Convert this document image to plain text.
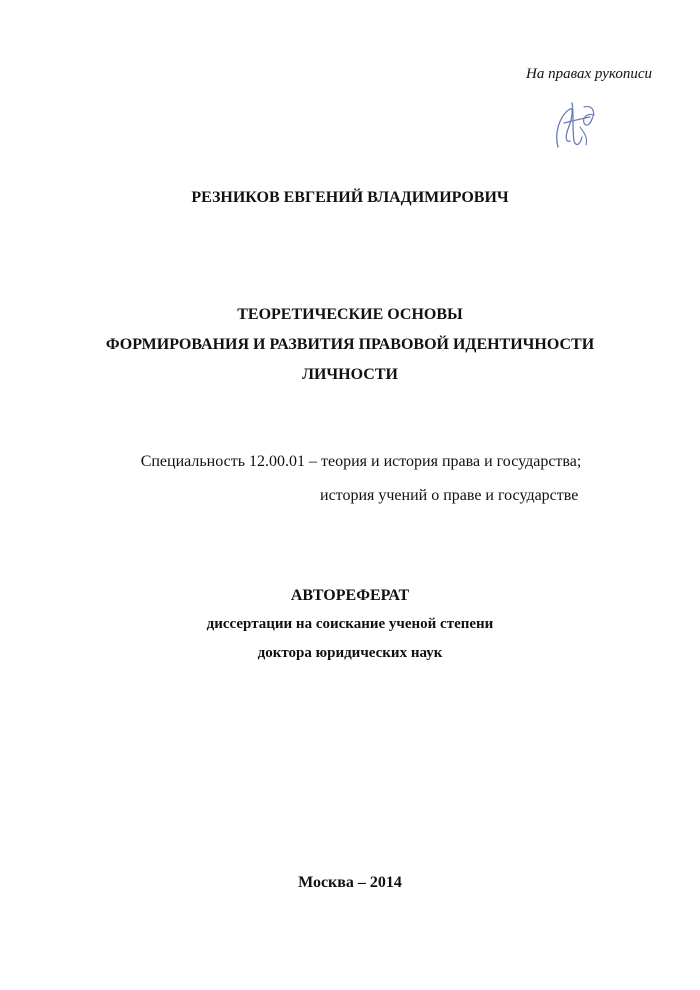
На правах рукописи
РЕЗНИКОВ ЕВГЕНИЙ ВЛАДИМИРОВИЧ
ТЕОРЕТИЧЕСКИЕ ОСНОВЫ
ФОРМИРОВАНИЯ И РАЗВИТИЯ ПРАВОВОЙ ИДЕНТИЧНОСТИ
ЛИЧНОСТИ
Специальность 12.00.01 – теория и история права и государства;
история учений о праве и государстве
АВТОРЕФЕРАТ
диссертации на соискание ученой степени
доктора юридических наук
Москва – 2014
